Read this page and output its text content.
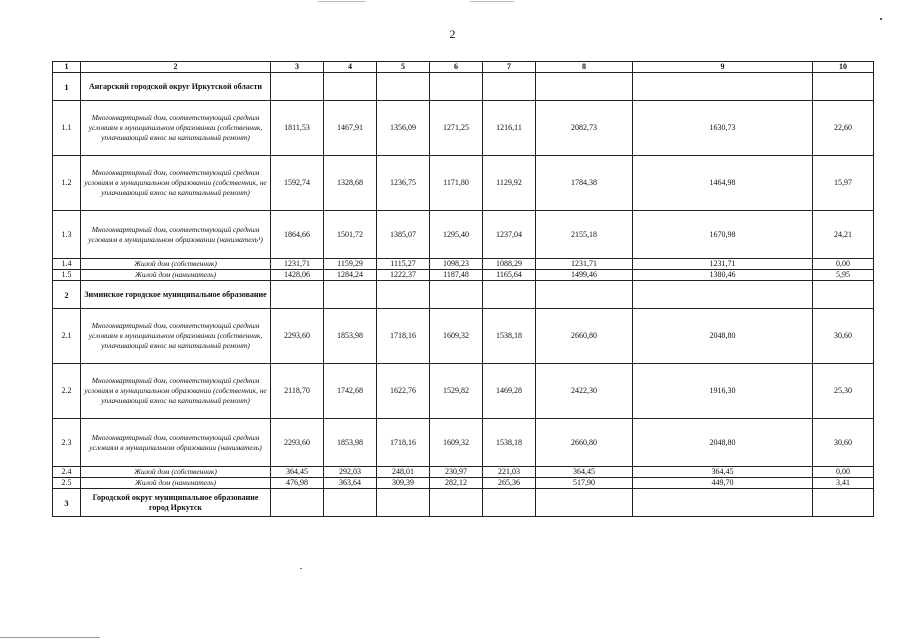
2
1	2	3	4	5	6	7	8	9	10
1	Ангарский городской округ Иркутской области								
1.1	Многоквартирный дом, соответствующий средним условиям в муниципальном образовании (собственник, уплачивающий взнос на капитальный ремонт)	1811,53	1467,91	1356,09	1271,25	1216,11	2082,73	1630,73	22,60
1.2	Многоквартирный дом, соответствующий средним условиям в муниципальном образовании (собственник, не уплачивающий взнос на капитальный ремонт)	1592,74	1328,68	1236,75	1171,80	1129,92	1784,38	1464,98	15,97
1.3	Многоквартирный дом, соответствующий средним условиям в муниципальном образовании (наниматель¹)	1864,66	1501,72	1385,07	1295,40	1237,04	2155,18	1670,98	24,21
1.4	Жилой дом (собственник)	1231,71	1159,29	1115,27	1098,23	1088,29	1231,71	1231,71	0,00
1.5	Жилой дом (наниматель)	1428,06	1284,24	1222,37	1187,48	1165,64	1499,46	1380,46	5,95
2	Зиминское городское муниципальное образование								
2.1	Многоквартирный дом, соответствующий средним условиям в муниципальном образовании (собственник, уплачивающий взнос на капитальный ремонт)	2293,60	1853,98	1718,16	1609,32	1538,18	2660,80	2048,80	30,60
2.2	Многоквартирный дом, соответствующий средним условиям в муниципальном образовании (собственник, не уплачивающий взнос на капитальный ремонт)	2118,70	1742,68	1622,76	1529,82	1469,28	2422,30	1916,30	25,30
2.3	Многоквартирный дом, соответствующий средним условиям в муниципальном образовании (наниматель)	2293,60	1853,98	1718,16	1609,32	1538,18	2660,80	2048,80	30,60
2.4	Жилой дом (собственник)	364,45	292,03	248,01	230,97	221,03	364,45	364,45	0,00
2.5	Жилой дом (наниматель)	476,98	363,64	309,39	282,12	265,36	517,90	449,70	3,41
3	Городской округ муниципальное образование город Иркутск								
